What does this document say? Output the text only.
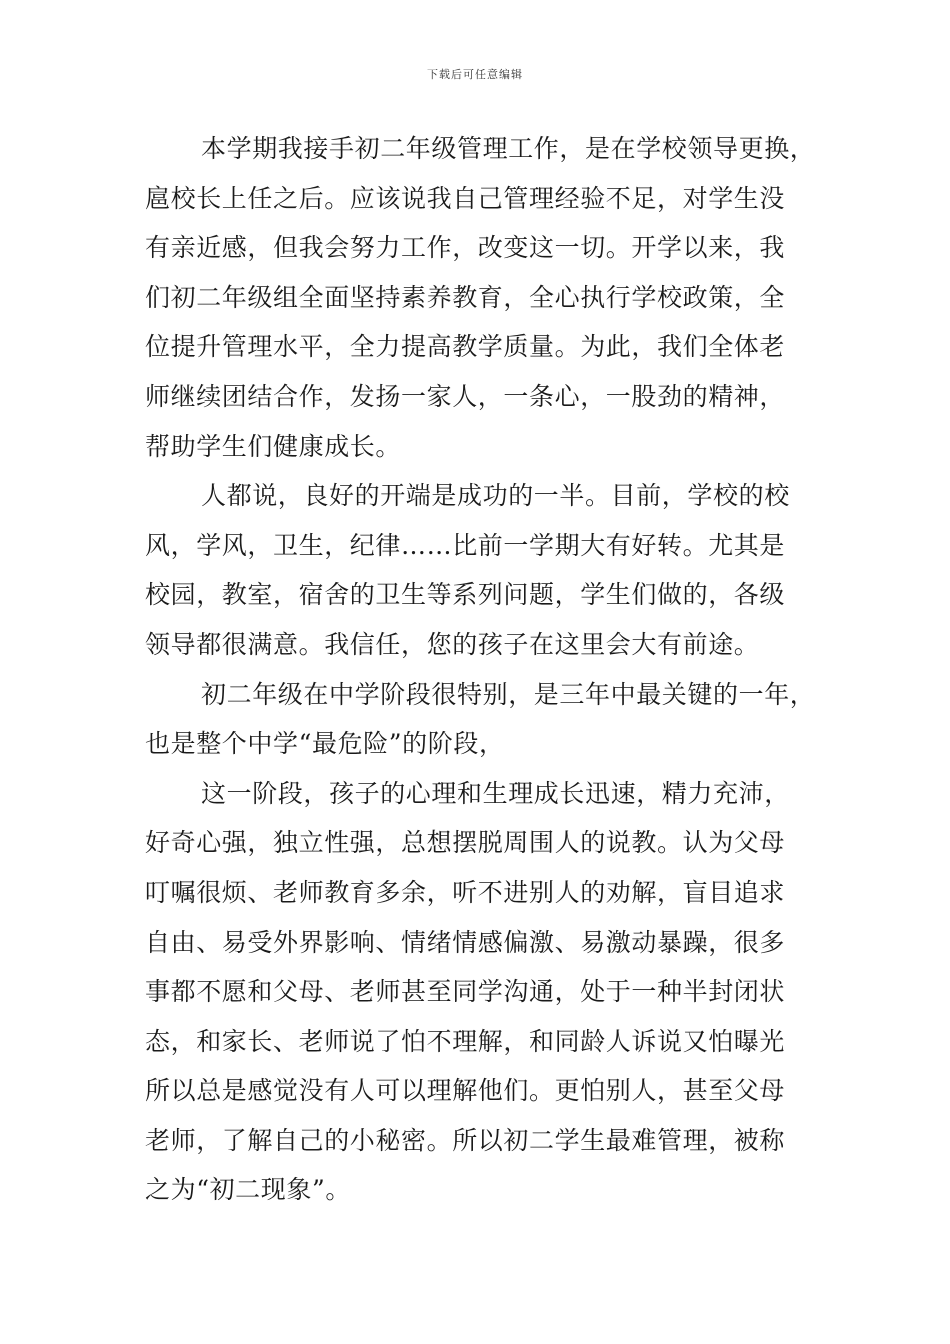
下载后可任意编辑
本学期我接手初二年级管理工作，是在学校领导更换，
扈校长上任之后。应该说我自己管理经验不足，对学生没
有亲近感，但我会努力工作，改变这一切。开学以来，我
们初二年级组全面坚持素养教育，全心执行学校政策，全
位提升管理水平，全力提高教学质量。为此，我们全体老
师继续团结合作，发扬一家人，一条心，一股劲的精神，
帮助学生们健康成长。
人都说，良好的开端是成功的一半。目前，学校的校
风，学风，卫生，纪律……比前一学期大有好转。尤其是
校园，教室，宿舍的卫生等系列问题，学生们做的，各级
领导都很满意。我信任，您的孩子在这里会大有前途。
初二年级在中学阶段很特别，是三年中最关键的一年，
也是整个中学“最危险”的阶段，
这一阶段，孩子的心理和生理成长迅速，精力充沛，
好奇心强，独立性强，总想摆脱周围人的说教。认为父母
叮嘱很烦、老师教育多余，听不进别人的劝解，盲目追求
自由、易受外界影响、情绪情感偏激、易激动暴躁，很多
事都不愿和父母、老师甚至同学沟通，处于一种半封闭状
态，和家长、老师说了怕不理解，和同龄人诉说又怕曝光
所以总是感觉没有人可以理解他们。更怕别人，甚至父母
老师，了解自己的小秘密。所以初二学生最难管理，被称
之为“初二现象”。
